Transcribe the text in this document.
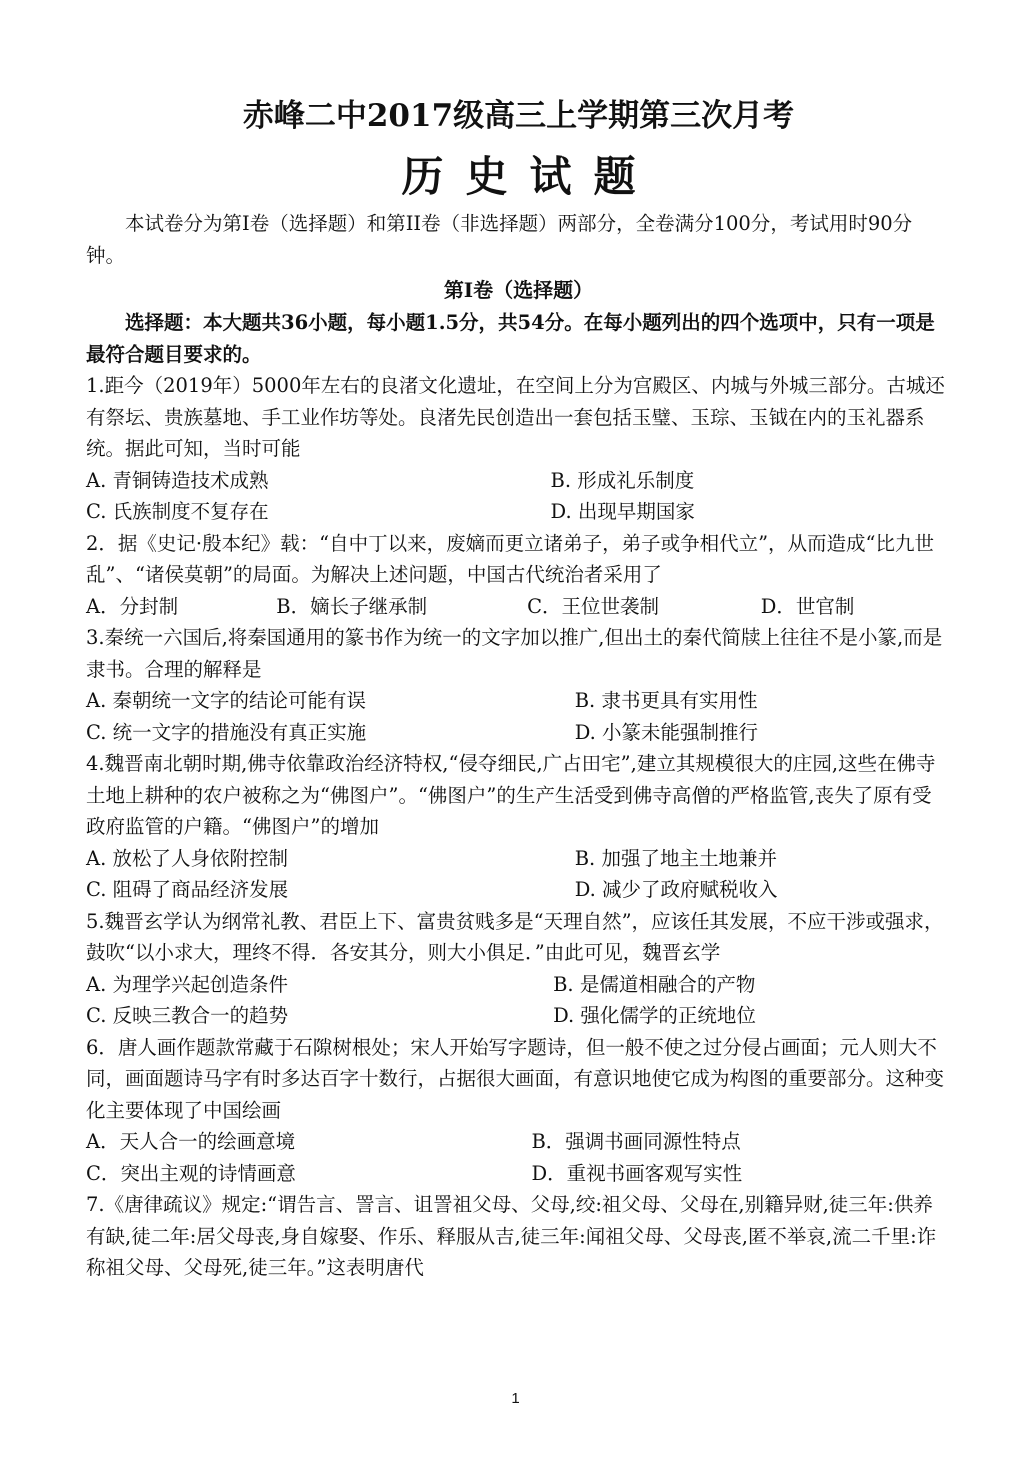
赤峰二中2017级高三上学期第三次月考
历史试题

本试卷分为第Ⅰ卷（选择题）和第II卷（非选择题）两部分，全卷满分100分，考试用时90分钟。

第Ⅰ卷（选择题）

选择题：本大题共36小题，每小题1.5分，共54分。在每小题列出的四个选项中，只有一项是最符合题目要求的。

1.距今（2019年）5000年左右的良渚文化遗址，在空间上分为宫殿区、内城与外城三部分。古城还有祭坛、贵族墓地、手工业作坊等处。良渚先民创造出一套包括玉璧、玉琮、玉钺在内的玉礼器系统。据此可知，当时可能

A. 青铜铸造技术成熟	B. 形成礼乐制度
C. 氏族制度不复存在	D. 出现早期国家

2．据《史记·殷本纪》载：“自中丁以来，废嫡而更立诸弟子，弟子或争相代立”，从而造成“比九世乱”、“诸侯莫朝”的局面。为解决上述问题，中国古代统治者采用了

A．分封制	B．嫡长子继承制	C．王位世袭制	D．世官制

3.秦统一六国后,将秦国通用的篆书作为统一的文字加以推广,但出土的秦代简牍上往往不是小篆,而是隶书。合理的解释是

A. 秦朝统一文字的结论可能有误	B. 隶书更具有实用性
C. 统一文字的措施没有真正实施	D. 小篆未能强制推行

4.魏晋南北朝时期,佛寺依靠政治经济特权,“侵夺细民,广占田宅”,建立其规模很大的庄园,这些在佛寺土地上耕种的农户被称之为“佛图户”。“佛图户”的生产生活受到佛寺高僧的严格监管,丧失了原有受政府监管的户籍。“佛图户”的增加

A. 放松了人身依附控制	B. 加强了地主土地兼并
C. 阻碍了商品经济发展	D. 减少了政府赋税收入

5.魏晋玄学认为纲常礼教、君臣上下、富贵贫贱多是“天理自然”，应该任其发展，不应干涉或强求，鼓吹“以小求大，理终不得．各安其分，则大小俱足．”由此可见，魏晋玄学

A. 为理学兴起创造条件	B. 是儒道相融合的产物
C. 反映三教合一的趋势	D. 强化儒学的正统地位

6．唐人画作题款常藏于石隙树根处；宋人开始写字题诗，但一般不使之过分侵占画面；元人则大不同，画面题诗马字有时多达百字十数行，占据很大画面，有意识地使它成为构图的重要部分。这种变化主要体现了中国绘画

A．天人合一的绘画意境	B．强调书画同源性特点
C．突出主观的诗情画意	D．重视书画客观写实性

7.《唐律疏议》规定:“谓告言、詈言、诅詈祖父母、父母,绞:祖父母、父母在,别籍异财,徒三年:供养有缺,徒二年:居父母丧,身自嫁娶、作乐、释服从吉,徒三年:闻祖父母、父母丧,匿不举哀,流二千里:诈称祖父母、父母死,徒三年。”这表明唐代

1
